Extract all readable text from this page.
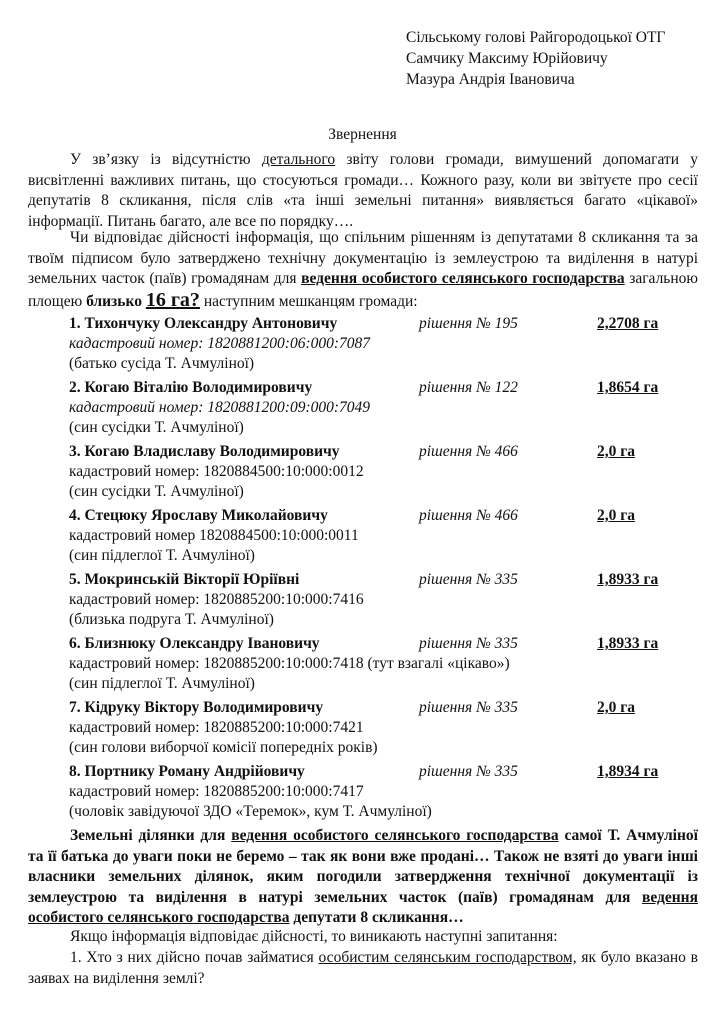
Сільському голові Райгородоцької ОТГ
Самчику Максиму Юрійовичу
Мазура Андрія Івановича
Звернення
У зв’язку із відсутністю детального звіту голови громади, вимушений допомагати у висвітленні важливих питань, що стосуються громади… Кожного разу, коли ви звітуєте про сесії депутатів 8 скликання, після слів «та інші земельні питання» виявляється багато «цікавої» інформації. Питань багато, але все по порядку….
Чи відповідає дійсності інформація, що спільним рішенням із депутатами 8 скликання та за твоїм підписом було затверджено технічну документацію із землеустрою та виділення в натурі земельних часток (паїв) громадянам для ведення особистого селянського господарства загальною площею близько 16 га? наступним мешканцям громади:
1. Тихончуку Олександру Антоновичу	рішення № 195	2,2708 га
кадастровий номер: 1820881200:06:000:7087
(батько сусіда Т. Ачмуліної)
2. Когаю Віталію Володимировичу	рішення № 122	1,8654 га
кадастровий номер: 1820881200:09:000:7049
(син сусідки Т. Ачмуліної)
3. Когаю Владиславу Володимировичу	рішення № 466	2,0 га
кадастровий номер: 1820884500:10:000:0012
(син сусідки Т. Ачмуліної)
4. Стецюку Ярославу Миколайовичу	рішення № 466	2,0 га
кадастровий номер 1820884500:10:000:0011
(син підлеглої Т. Ачмуліної)
5. Мокринській Вікторії Юріївні	рішення № 335	1,8933 га
кадастровий номер: 1820885200:10:000:7416
(близька подруга Т. Ачмуліної)
6. Близнюку Олександру Івановичу	рішення № 335	1,8933 га
кадастровий номер: 1820885200:10:000:7418 (тут взагалі «цікаво»)
(син підлеглої Т. Ачмуліної)
7. Кідруку Віктору Володимировичу	рішення № 335	2,0 га
кадастровий номер: 1820885200:10:000:7421
(син голови виборчої комісії попередніх років)
8. Портнику Роману Андрійовичу	рішення № 335	1,8934 га
кадастровий номер: 1820885200:10:000:7417
(чоловік завідуючої ЗДО «Теремок», кум Т. Ачмуліної)
Земельні ділянки для ведення особистого селянського господарства самої Т. Ачмуліної та її батька до уваги поки не беремо – так як вони вже продані… Також не взяті до уваги інші власники земельних ділянок, яким погодили затвердження технічної документації із землеустрою та виділення в натурі земельних часток (паїв) громадянам для ведення особистого селянського господарства депутати 8 скликання…
Якщо інформація відповідає дійсності, то виникають наступні запитання:
1. Хто з них дійсно почав займатися особистим селянським господарством, як було вказано в заявах на виділення землі?
